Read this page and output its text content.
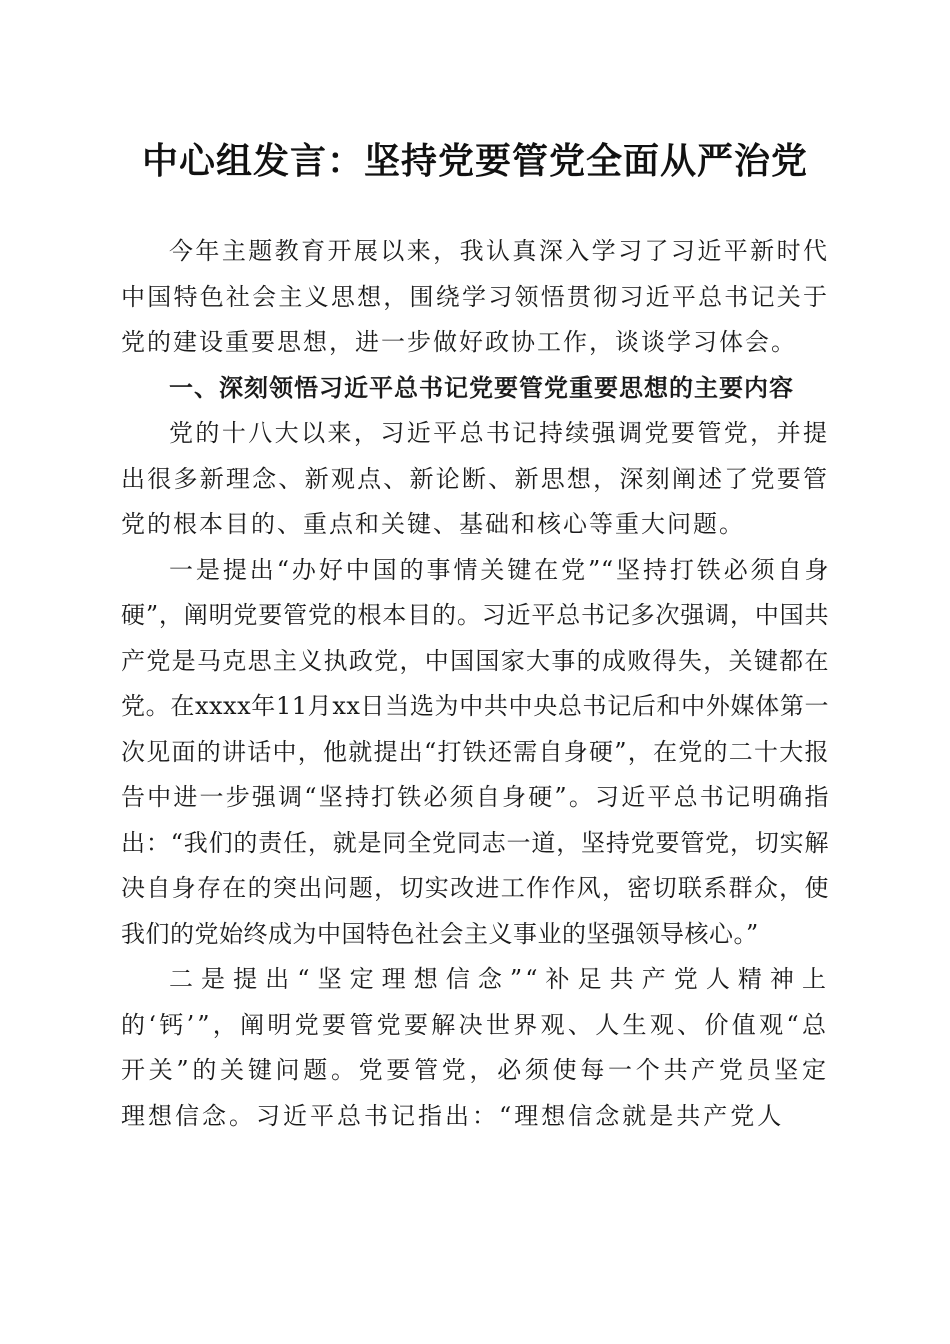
中心组发言：坚持党要管党全面从严治党

今年主题教育开展以来，我认真深入学习了习近平新时代中国特色社会主义思想，围绕学习领悟贯彻习近平总书记关于党的建设重要思想，进一步做好政协工作，谈谈学习体会。

一、深刻领悟习近平总书记党要管党重要思想的主要内容

党的十八大以来，习近平总书记持续强调党要管党，并提出很多新理念、新观点、新论断、新思想，深刻阐述了党要管党的根本目的、重点和关键、基础和核心等重大问题。

一是提出“办好中国的事情关键在党”“坚持打铁必须自身硬”，阐明党要管党的根本目的。习近平总书记多次强调，中国共产党是马克思主义执政党，中国国家大事的成败得失，关键都在党。在xxxx年11月xx日当选为中共中央总书记后和中外媒体第一次见面的讲话中，他就提出“打铁还需自身硬”，在党的二十大报告中进一步强调“坚持打铁必须自身硬”。习近平总书记明确指出：“我们的责任，就是同全党同志一道，坚持党要管党，切实解决自身存在的突出问题，切实改进工作作风，密切联系群众，使我们的党始终成为中国特色社会主义事业的坚强领导核心。”

二是提出“坚定理想信念”“补足共产党人精神上的‘钙’”，阐明党要管党要解决世界观、人生观、价值观“总开关”的关键问题。党要管党，必须使每一个共产党员坚定理想信念。习近平总书记指出：“理想信念就是共产党人
